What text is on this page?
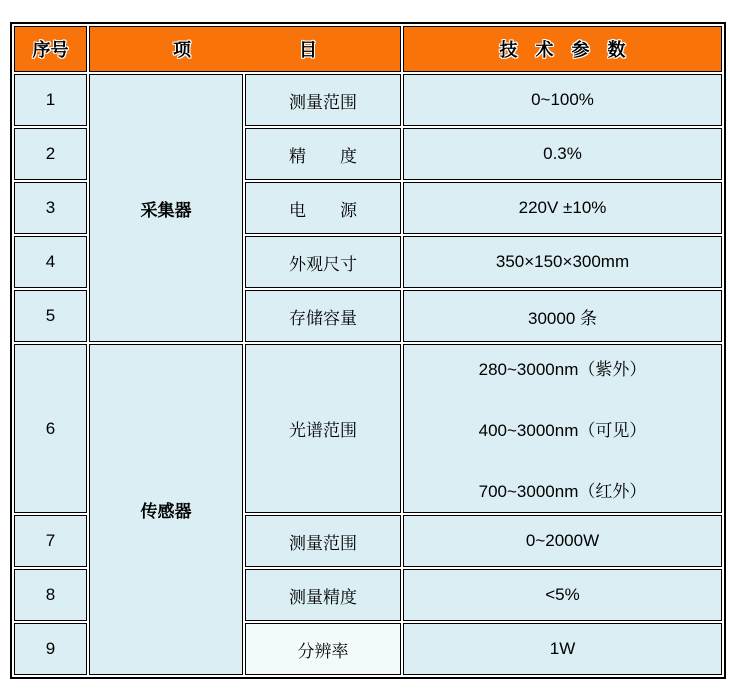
序号	项　　　　　　目		技　术　参　数
1	采集器	测量范围	0~100%
2		精　　度	0.3%
3		电　　源	220V ±10%
4		外观尺寸	350×150×300mm
5		存储容量	30000 条
6	传感器	光谱范围	280~3000nm（紫外）
400~3000nm（可见）
700~3000nm（红外）

7		测量范围	0~2000W
8		测量精度	<5%
9		分辨率	1W
